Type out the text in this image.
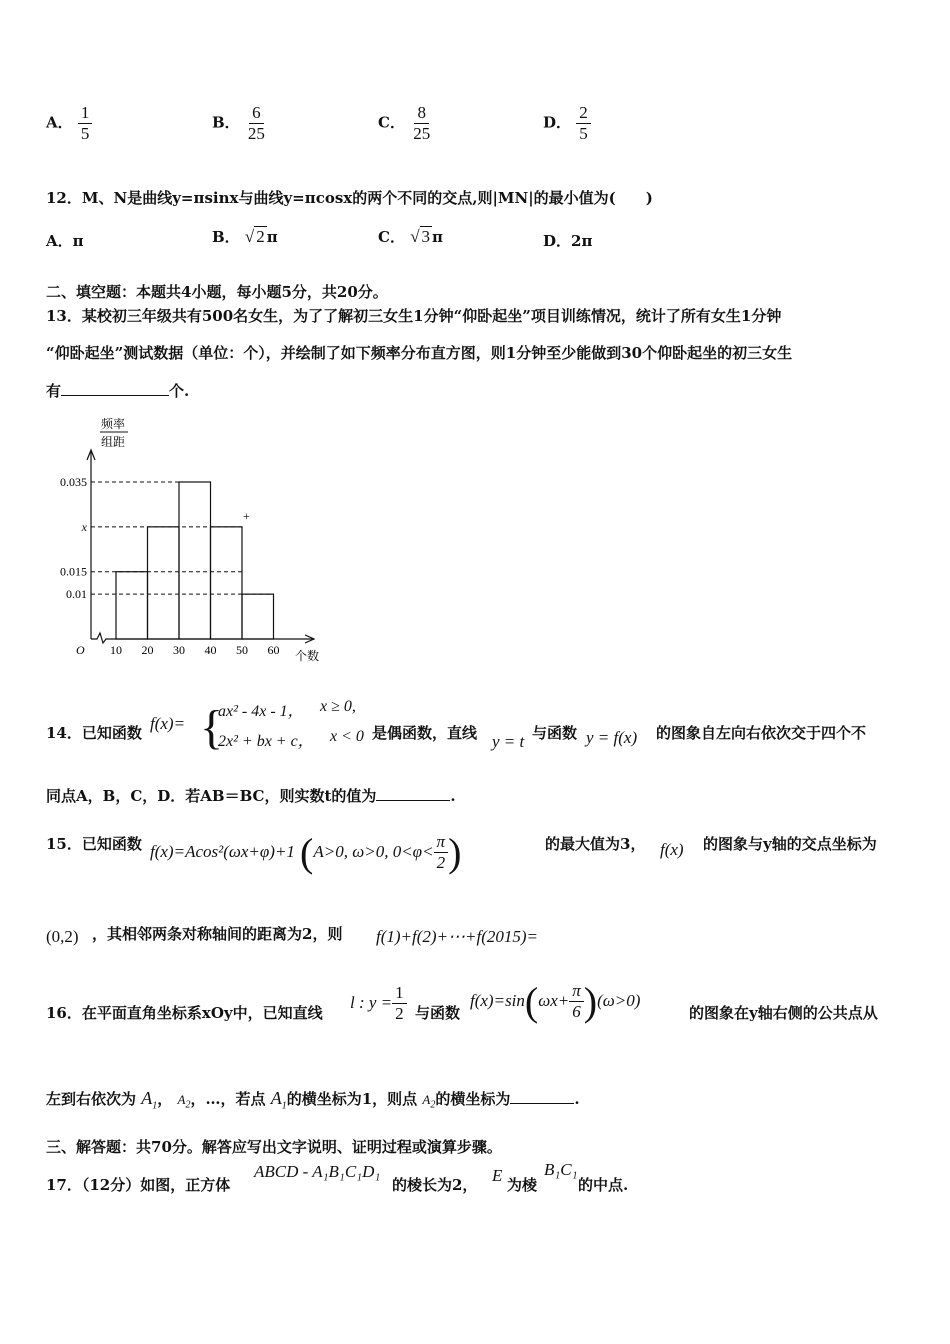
A． $\frac{1}{5}$	B． $\frac{6}{25}$	C． $\frac{8}{25}$	D． $\frac{2}{5}$
12．M、N是曲线y=πsinx与曲线y=πcosx的两个不同的交点,则|MN|的最小值为(　　)
A．π	B． √ 2 π	C． √ 3 π	D．2π
二、填空题：本题共4小题，每小题5分，共20分。
13．某校初三年级共有500名女生，为了了解初三女生1分钟“仰卧起坐”项目训练情况，统计了所有女生1分钟
“仰卧起坐”测试数据（单位：个），并绘制了如下频率分布直方图，则1分钟至少能做到30个仰卧起坐的初三女生
有	个.
频率
组距
O	个数
+
0.035
x
0.015
0.01
10 20 30 40 50 60
14．已知函数 f(x)= {
ax² - 4x - 1， x ≥ 0,
2x² + bx + c， x < 0 是偶函数，直线 y = t 与函数 y = f(x) 的图象自左向右依次交于四个不
同点A，B，C，D．若AB＝BC，则实数t的值为	.
15．已知函数 f(x)=Acos²(ωx+φ)+1 (A>0, ω>0, $0<\varphi< \frac{\pi}{2}$ )	的最大值为3， f(x) 的图象与y轴的交点坐标为
(0,2) ，其相邻两条对称轴间的距离为2，则 f(1)+f(2)+⋯+f(2015)=
16．在平面直角坐标系xOy中，已知直线
l : $y = \frac{1}{2}$ 与函数
$f(x)=\sin(\omega x+ \frac{\pi}{6} )(\omega>0)$
的图象在y轴右侧的公共点从
左到右依次为 $A_1$， $A_2$，…，若点 $A_1$的横坐标为1，则点 $A_2$的横坐标为	.
三、解答题：共70分。解答应写出文字说明、证明过程或演算步骤。
17．（12分）如图，正方体
ABCD - A₁B₁C₁D₁
的棱长为2， E 为棱
B₁C₁
的中点.
